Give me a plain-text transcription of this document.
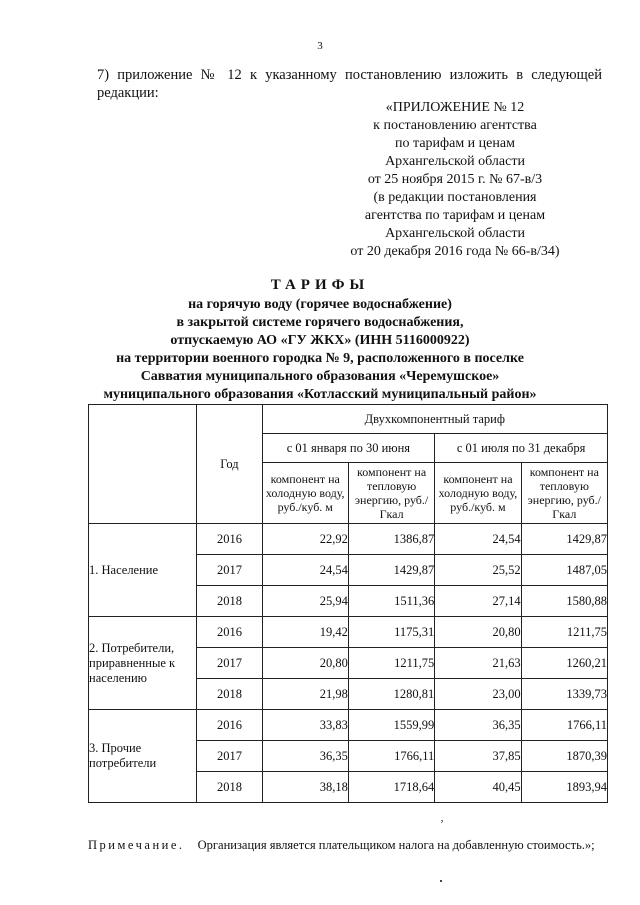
3
7) приложение № 12 к указанному постановлению изложить в следующей
редакции:
«ПРИЛОЖЕНИЕ № 12
к постановлению агентства
по тарифам и ценам
Архангельской области
от 25 ноября 2015 г. № 67-в/3
(в редакции постановления
агентства по тарифам и ценам
Архангельской области
от 20 декабря 2016 года № 66-в/34)
ТАРИФЫ
на горячую воду (горячее водоснабжение)
в закрытой системе горячего водоснабжения,
отпускаемую АО «ГУ ЖКХ» (ИНН 5116000922)
на территории военного городка № 9, расположенного в поселке
Савватия муниципального образования «Черемушское»
муниципального образования «Котласский муниципальный район»
	Год	Двухкомпонентный тариф			
		с 01 января по 30 июня		с 01 июля по 31 декабря	
		компонент на холодную воду, руб./куб. м	компонент на тепловую энергию, руб./Гкал	компонент на холодную воду, руб./куб. м	компонент на тепловую энергию, руб./Гкал
1. Население	2016	22,92	1386,87	24,54	1429,87
	2017	24,54	1429,87	25,52	1487,05
	2018	25,94	1511,36	27,14	1580,88
2. Потребители, приравненные к населению	2016	19,42	1175,31	20,80	1211,75
	2017	20,80	1211,75	21,63	1260,21
	2018	21,98	1280,81	23,00	1339,73
3. Прочие потребители	2016	33,83	1559,99	36,35	1766,11
	2017	36,35	1766,11	37,85	1870,39
	2018	38,18	1718,64	40,45	1893,94
ʼ
Примечание. Организация является плательщиком налога на добавленную стоимость.»;
